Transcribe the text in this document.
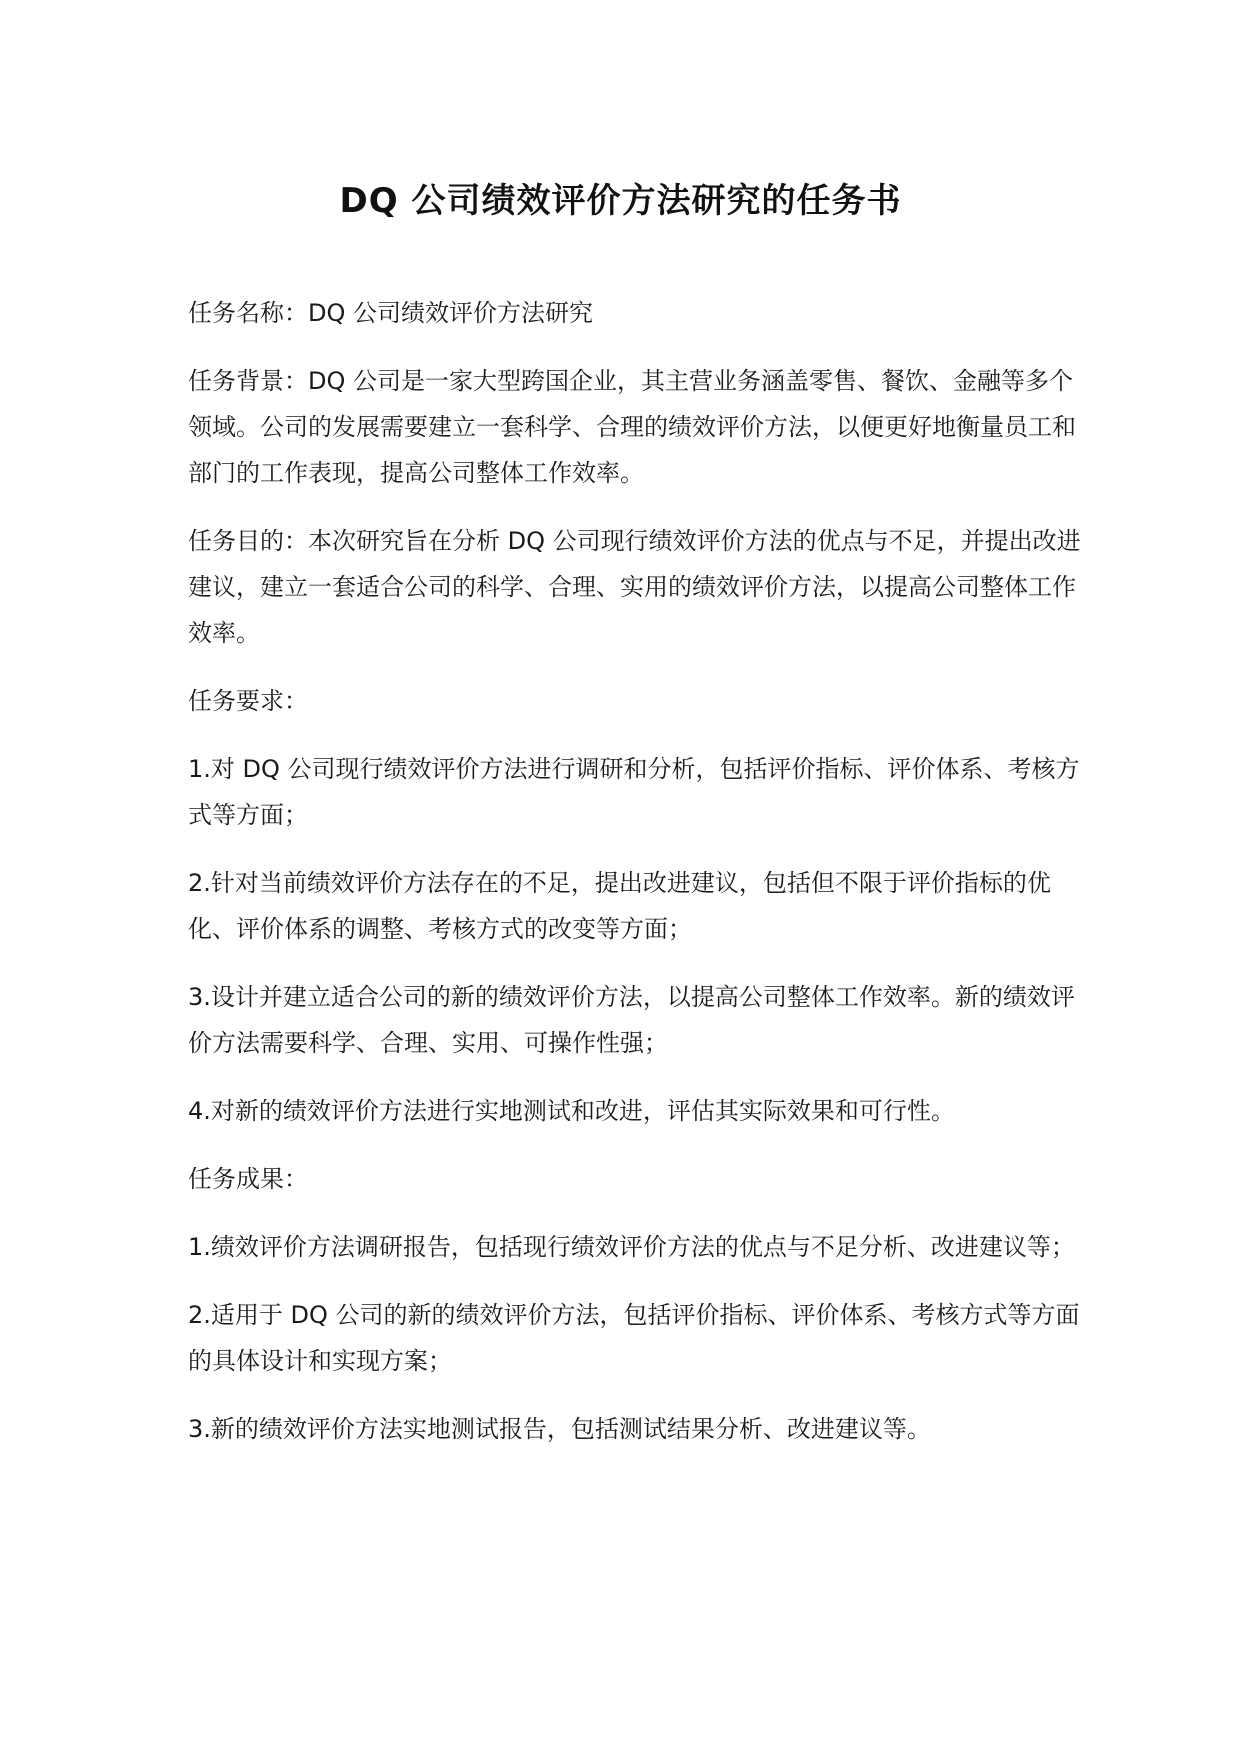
DQ 公司绩效评价方法研究的任务书

任务名称：DQ 公司绩效评价方法研究

任务背景：DQ 公司是一家大型跨国企业，其主营业务涵盖零售、餐饮、金融等多个领域。公司的发展需要建立一套科学、合理的绩效评价方法，以便更好地衡量员工和部门的工作表现，提高公司整体工作效率。

任务目的：本次研究旨在分析 DQ 公司现行绩效评价方法的优点与不足，并提出改进建议，建立一套适合公司的科学、合理、实用的绩效评价方法，以提高公司整体工作效率。

任务要求：

1.对 DQ 公司现行绩效评价方法进行调研和分析，包括评价指标、评价体系、考核方式等方面；

2.针对当前绩效评价方法存在的不足，提出改进建议，包括但不限于评价指标的优化、评价体系的调整、考核方式的改变等方面；

3.设计并建立适合公司的新的绩效评价方法，以提高公司整体工作效率。新的绩效评价方法需要科学、合理、实用、可操作性强；

4.对新的绩效评价方法进行实地测试和改进，评估其实际效果和可行性。

任务成果：

1.绩效评价方法调研报告，包括现行绩效评价方法的优点与不足分析、改进建议等；

2.适用于 DQ 公司的新的绩效评价方法，包括评价指标、评价体系、考核方式等方面的具体设计和实现方案；

3.新的绩效评价方法实地测试报告，包括测试结果分析、改进建议等。
